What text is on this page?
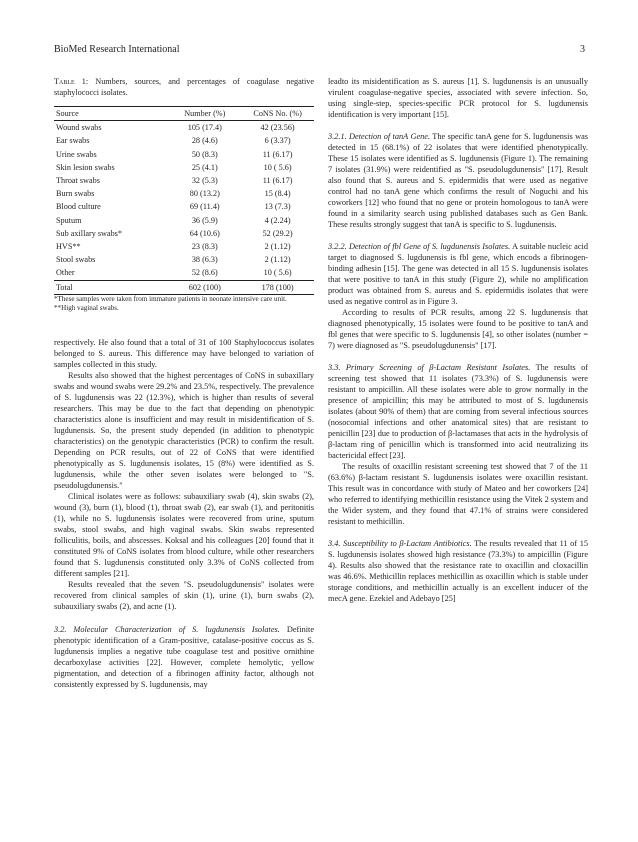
BioMed Research International	3

Table 1: Numbers, sources, and percentages of coagulase negative staphylococci isolates.

Source	Number (%)	CoNS No. (%)
Wound swabs	105 (17.4)	42 (23.56)
Ear swabs	28 (4.6)	6 (3.37)
Urine swabs	50 (8.3)	11 (6.17)
Skin lesion swabs	25 (4.1)	10 ( 5.6)
Throat swabs	32 (5.3)	11 (6.17)
Burn swabs	80 (13.2)	15 (8.4)
Blood culture	69 (11.4)	13 (7.3)
Sputum	36 (5.9)	4 (2.24)
Sub axillary swabs*	64 (10.6)	52 (29.2)
HVS**	23 (8.3)	2 (1.12)
Stool swabs	38 (6.3)	2 (1.12)
Other	52 (8.6)	10 ( 5.6)
Total	602 (100)	178 (100)

*These samples were taken from immature patients in neonate intensive care unit.

**High vaginal swabs.

respectively. He also found that a total of 31 of 100 Staphylococcus isolates belonged to S. aureus. This difference may have belonged to variation of samples collected in this study.

Results also showed that the highest percentages of CoNS in subaxillary swabs and wound swabs were 29.2% and 23.5%, respectively. The prevalence of S. lugdunensis was 22 (12.3%), which is higher than results of several researchers. This may be due to the fact that depending on phenotypic characteristics alone is insufficient and may result in misidentification of S. lugdunensis. So, the present study depended (in addition to phenotypic characteristics) on the genotypic characteristics (PCR) to confirm the result. Depending on PCR results, out of 22 of CoNS that were identified phenotypically as S. lugdunensis isolates, 15 (8%) were identified as S. lugdunensis, while the other seven isolates were belonged to "S. pseudolugdunensis."

Clinical isolates were as follows: subauxiliary swab (4), skin swabs (2), wound (3), burn (1), blood (1), throat swab (2), ear swab (1), and peritonitis (1), while no S. lugdunensis isolates were recovered from urine, sputum swabs, stool swabs, and high vaginal swabs. Skin swabs represented folliculitis, boils, and abscesses. Koksal and his colleagues [20] found that it constituted 9% of CoNS isolates from blood culture, while other researchers found that S. lugdunensis constituted only 3.3% of CoNS collected from different samples [21].

Results revealed that the seven "S. pseudolugdunensis" isolates were recovered from clinical samples of skin (1), urine (1), burn swabs (2), subauxiliary swabs (2), and acne (1).

3.2. Molecular Characterization of S. lugdunensis Isolates. Definite phenotypic identification of a Gram-positive, catalase-positive coccus as S. lugdunensis implies a negative tube coagulase test and positive ornithine decarboxylase activities [22]. However, complete hemolytic, yellow pigmentation, and detection of a fibrinogen affinity factor, although not consistently expressed by S. lugdunensis, may

leadto its misidentification as S. aureus [1]. S. lugdunensis is an unusually virulent coagulase-negative species, associated with severe infection. So, using single-step, species-specific PCR protocol for S. lugdunensis identification is very important [15].

3.2.1. Detection of tanA Gene. The specific tanA gene for S. lugdunensis was detected in 15 (68.1%) of 22 isolates that were identified phenotypically. These 15 isolates were identified as S. lugdunensis (Figure 1). The remaining 7 isolates (31.9%) were reidentified as "S. pseudolugdunensis" [17]. Result also found that S. aureus and S. epidermidis that were used as negative control had no tanA gene which confirms the result of Noguchi and his coworkers [12] who found that no gene or protein homologous to tanA were found in a similarity search using published databases such as Gen Bank. These results strongly suggest that tanA is specific to S. lugdunensis.

3.2.2. Detection of fbl Gene of S. lugdunensis Isolates. A suitable nucleic acid target to diagnosed S. lugdunensis is fbl gene, which encods a fibrinogen-binding adhesin [15]. The gene was detected in all 15 S. lugdunensis isolates that were positive to tanA in this study (Figure 2), while no amplification product was obtained from S. aureus and S. epidermidis isolates that were used as negative control as in Figure 3.

According to results of PCR results, among 22 S. lugdunensis that diagnosed phenotypically, 15 isolates were found to be positive to tanA and fbl genes that were specific to S. lugdunensis [4], so other isolates (number = 7) were diagnosed as "S. pseudolugdunensis" [17].

3.3. Primary Screening of β-Lactam Resistant Isolates. The results of screening test showed that 11 isolates (73.3%) of S. lugdunensis were resistant to ampicillin. All these isolates were able to grow normally in the presence of ampicillin; this may be attributed to most of S. lugdunensis isolates (about 90% of them) that are coming from several infectious sources (nosocomial infections and other anatomical sites) that are resistant to penicillin [23] due to production of β-lactamases that acts in the hydrolysis of β-lactam ring of penicillin which is transformed into acid neutralizing its bactericidal effect [23].

The results of oxacillin resistant screening test showed that 7 of the 11 (63.6%) β-lactam resistant S. lugdunensis isolates were oxacillin resistant. This result was in concordance with study of Mateo and her coworkers [24] who referred to identifying methicillin resistance using the Vitek 2 system and the Wider system, and they found that 47.1% of strains were considered resistant to methicillin.

3.4. Susceptibility to β-Lactam Antibiotics. The results revealed that 11 of 15 S. lugdunensis isolates showed high resistance (73.3%) to ampicillin (Figure 4). Results also showed that the resistance rate to oxacillin and cloxacillin was 46.6%. Methicillin replaces methicillin as oxacillin which is stable under storage conditions, and methicillin actually is an excellent inducer of the mecA gene. Ezekiel and Adebayo [25]
